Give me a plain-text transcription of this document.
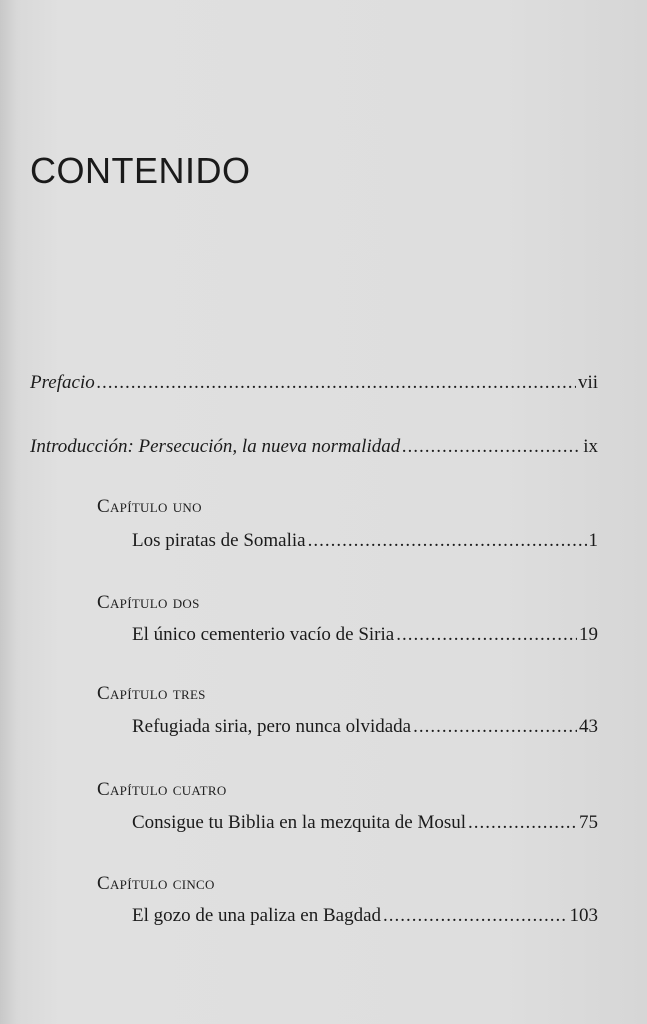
CONTENIDO
Prefacio .....	vii
Introducción: Persecución, la nueva normalidad .....	ix
Capítulo uno
Los piratas de Somalia .....	1
Capítulo dos
El único cementerio vacío de Siria .....	19
Capítulo tres
Refugiada siria, pero nunca olvidada .....	43
Capítulo cuatro
Consigue tu Biblia en la mezquita de Mosul .....	75
Capítulo cinco
El gozo de una paliza en Bagdad .....	103
